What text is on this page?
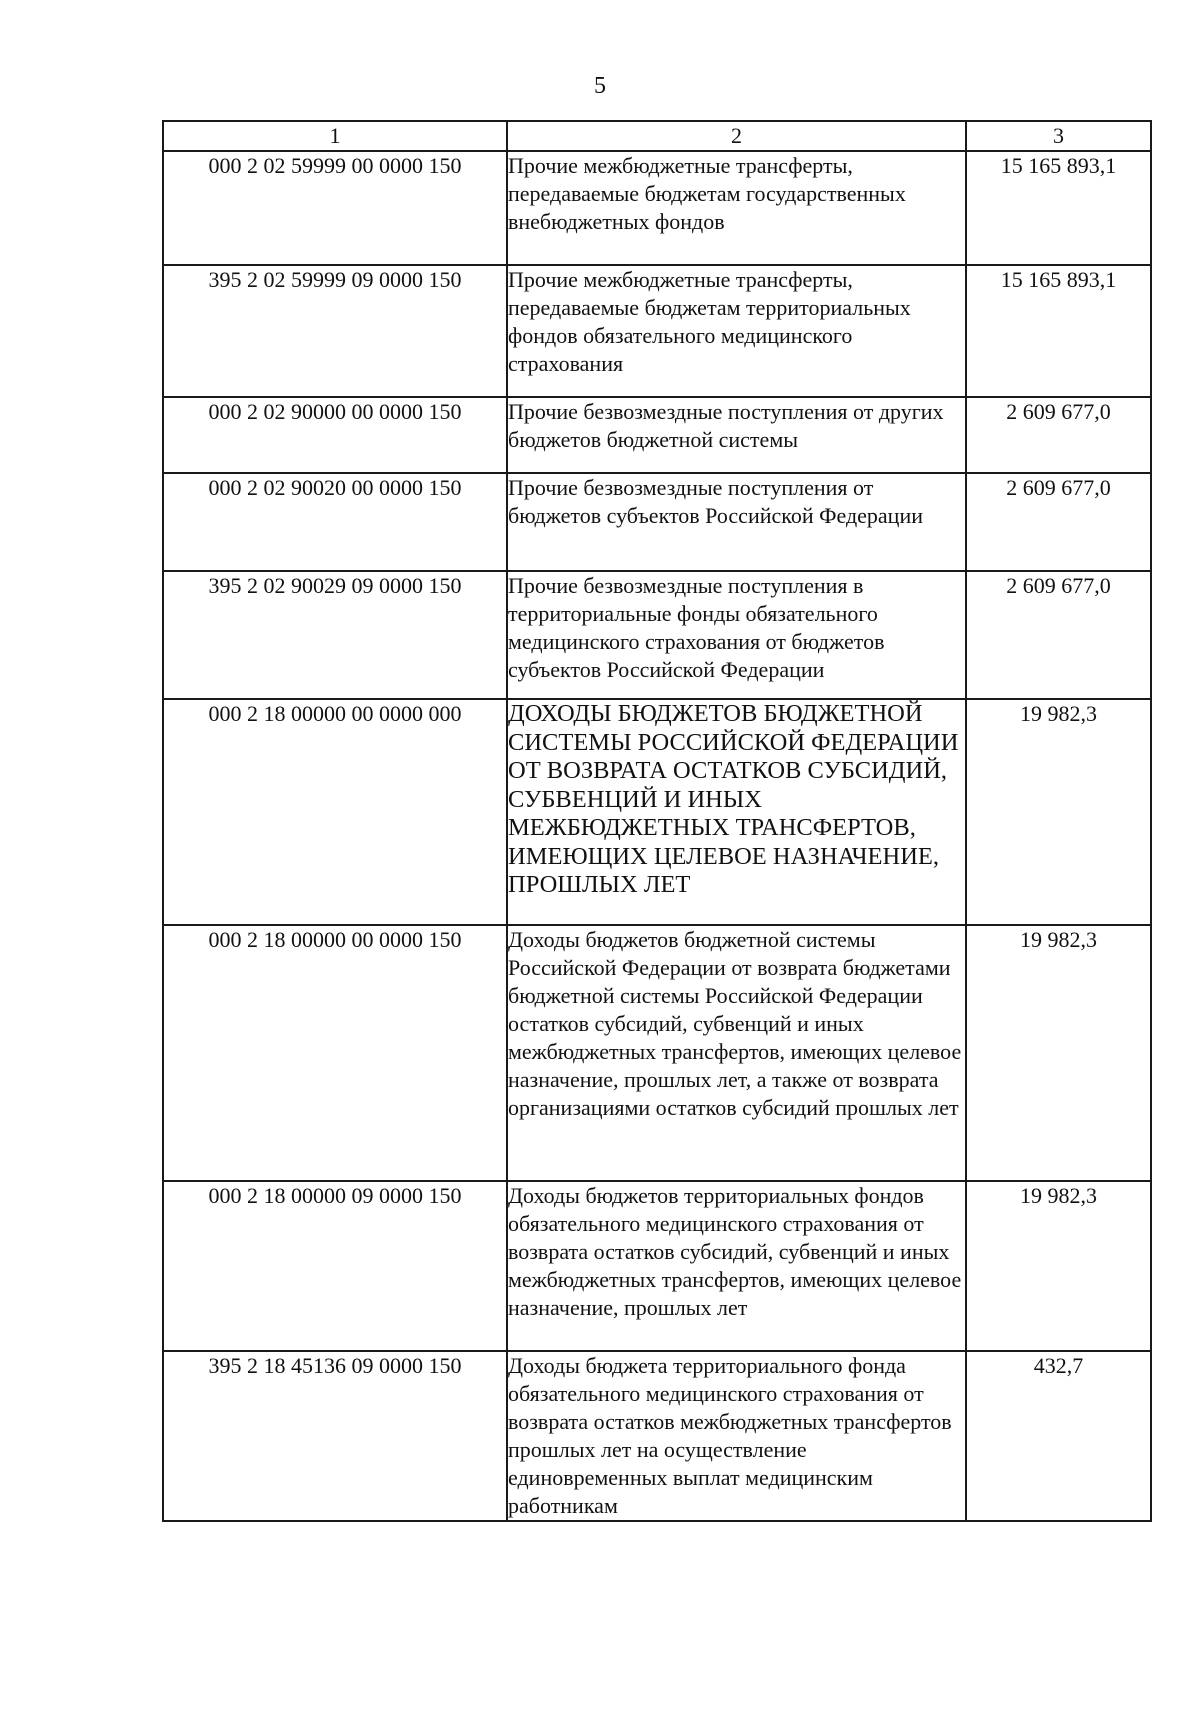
5
1	2	3
000 2 02 59999 00 0000 150	Прочие межбюджетные трансферты, передаваемые бюджетам государственных внебюджетных фондов	15 165 893,1
395 2 02 59999 09 0000 150	Прочие межбюджетные трансферты, передаваемые бюджетам территориальных фондов обязательного медицинского страхования	15 165 893,1
000 2 02 90000 00 0000 150	Прочие безвозмездные поступления от других бюджетов бюджетной системы	2 609 677,0
000 2 02 90020 00 0000 150	Прочие безвозмездные поступления от бюджетов субъектов Российской Федерации	2 609 677,0
395 2 02 90029 09 0000 150	Прочие безвозмездные поступления в территориальные фонды обязательного медицинского страхования от бюджетов субъектов Российской Федерации	2 609 677,0
000 2 18 00000 00 0000 000	ДОХОДЫ БЮДЖЕТОВ БЮДЖЕТНОЙ СИСТЕМЫ РОССИЙСКОЙ ФЕДЕРАЦИИ ОТ ВОЗВРАТА ОСТАТКОВ СУБСИДИЙ, СУБВЕНЦИЙ И ИНЫХ МЕЖБЮДЖЕТНЫХ ТРАНСФЕРТОВ, ИМЕЮЩИХ ЦЕЛЕВОЕ НАЗНАЧЕНИЕ, ПРОШЛЫХ ЛЕТ	19 982,3
000 2 18 00000 00 0000 150	Доходы бюджетов бюджетной системы Российской Федерации от возврата бюджетами бюджетной системы Российской Федерации остатков субсидий, субвенций и иных межбюджетных трансфертов, имеющих целевое назначение, прошлых лет, а также от возврата организациями остатков субсидий прошлых лет	19 982,3
000 2 18 00000 09 0000 150	Доходы бюджетов территориальных фондов обязательного медицинского страхования от возврата остатков субсидий, субвенций и иных межбюджетных трансфертов, имеющих целевое назначение, прошлых лет	19 982,3
395 2 18 45136 09 0000 150	Доходы бюджета территориального фонда обязательного медицинского страхования от возврата остатков межбюджетных трансфертов прошлых лет на осуществление единовременных выплат медицинским работникам	432,7
